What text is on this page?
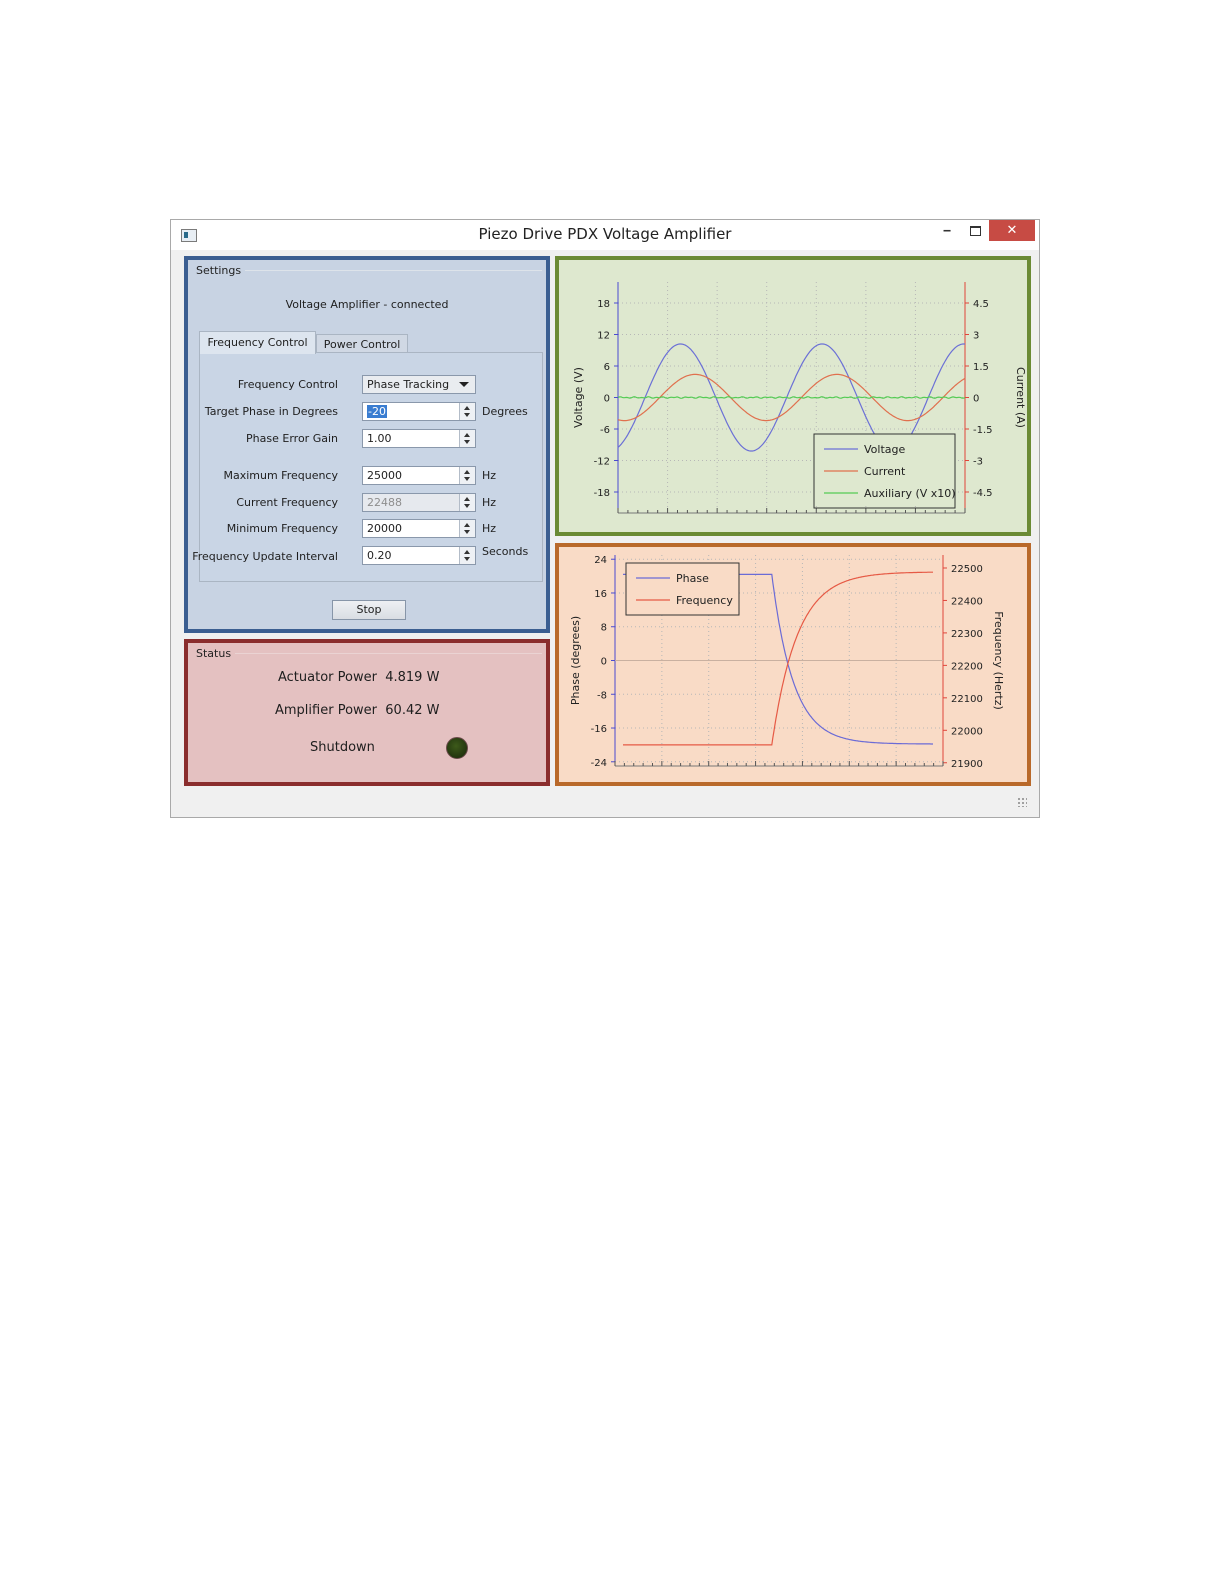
Piezo Drive PDX Voltage Amplifier	‒	✕
Settings
Voltage Amplifier - connected
Frequency Control	Power Control
Frequency Control	Phase Tracking
Target Phase in Degrees	-20	Degrees
Phase Error Gain	1.00
Maximum Frequency	25000	Hz
Current Frequency	22488	Hz
Minimum Frequency	20000	Hz
Frequency Update Interval	0.20	Seconds
Stop
Status
Actuator Power 4.819 W
Amplifier Power 60.42 W
Shutdown
18
12
6
0
-6
-12
-18
4.5
3
1.5
0
-1.5
-3
-4.5
Voltage (V)	Current (A)
Voltage
Current
Auxiliary (V x10)
24
16
8
0
-8
-16
-24
22500
22400
22300
22200
22100
22000
21900
Phase (degrees)	Frequency (Hertz)
Phase
Frequency
